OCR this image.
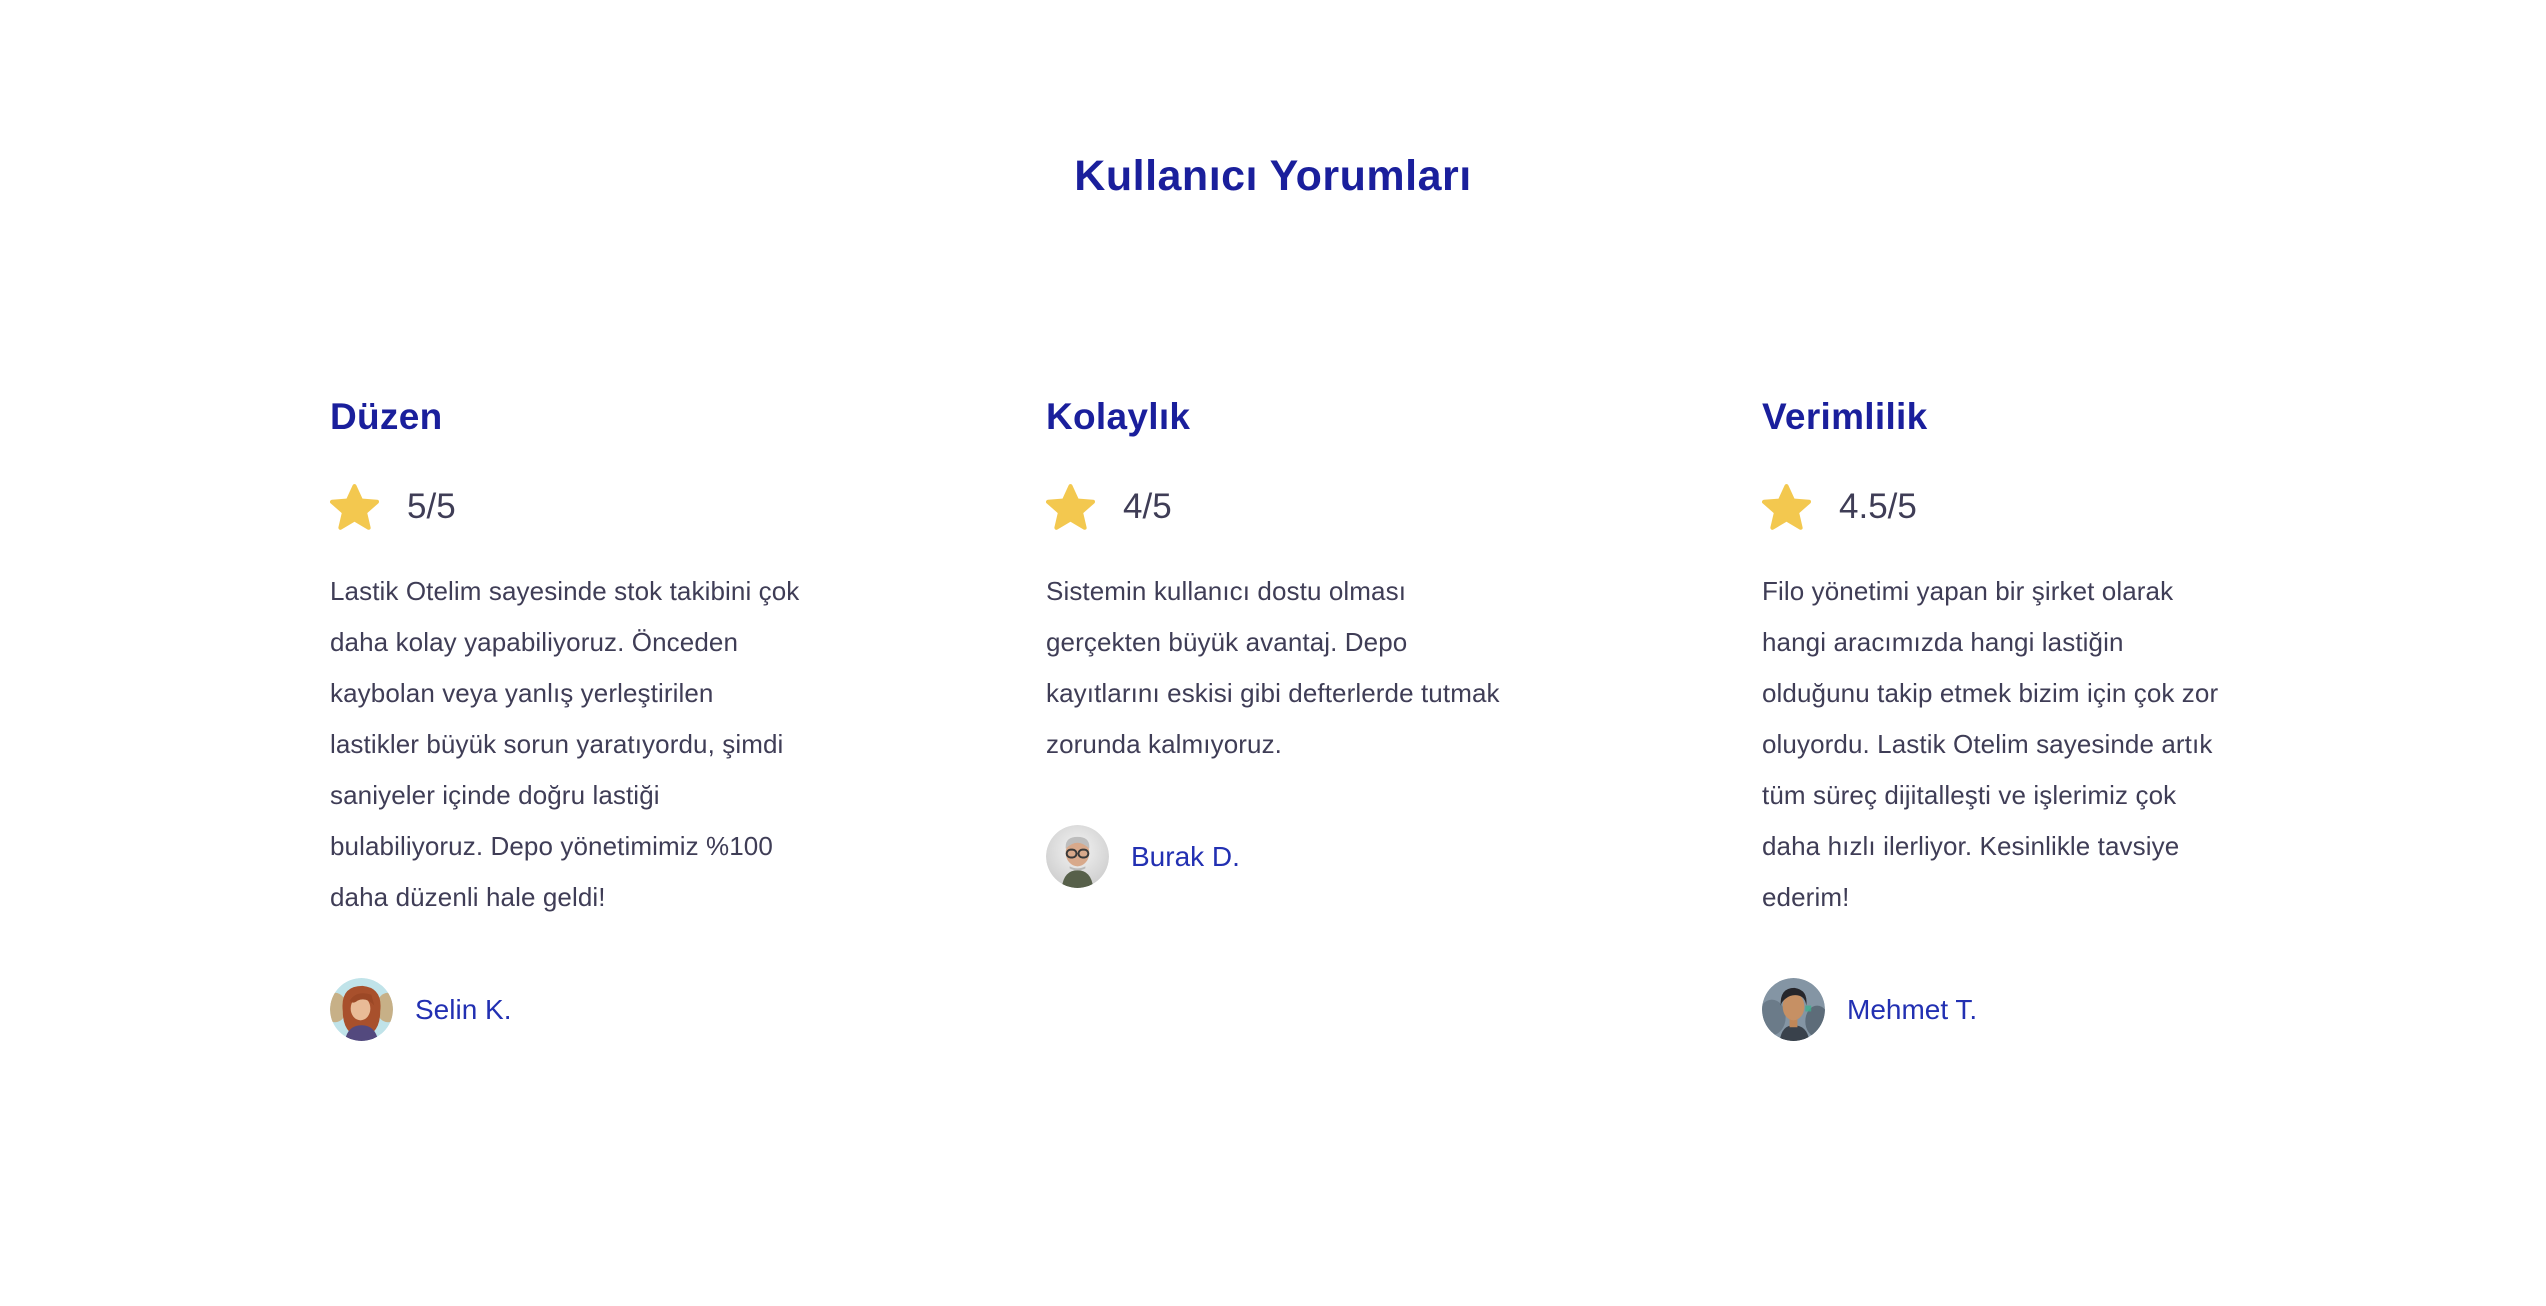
Kullanıcı Yorumları
Düzen
5/5

Lastik Otelim sayesinde stok takibini çok daha kolay yapabiliyoruz. Önceden kaybolan veya yanlış yerleştirilen lastikler büyük sorun yaratıyordu, şimdi saniyeler içinde doğru lastiği bulabiliyoruz. Depo yönetimimiz %100 daha düzenli hale geldi!

Selin K.
Kolaylık
4/5

Sistemin kullanıcı dostu olması gerçekten büyük avantaj. Depo kayıtlarını eskisi gibi defterlerde tutmak zorunda kalmıyoruz.

Burak D.
Verimlilik
4.5/5

Filo yönetimi yapan bir şirket olarak hangi aracımızda hangi lastiğin olduğunu takip etmek bizim için çok zor oluyordu. Lastik Otelim sayesinde artık tüm süreç dijitalleşti ve işlerimiz çok daha hızlı ilerliyor. Kesinlikle tavsiye ederim!

Mehmet T.
